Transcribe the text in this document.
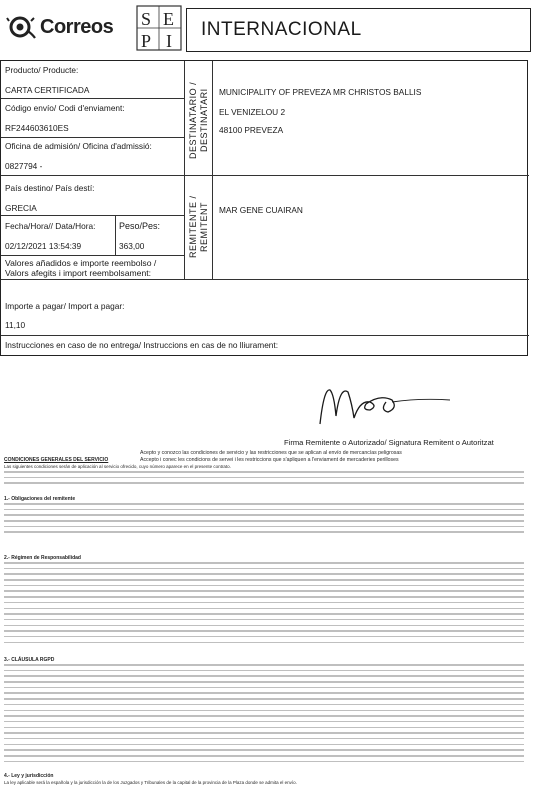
Correos S E
P I
INTERNACIONAL
Producto/ Producte:
CARTA CERTIFICADA
Código envío/ Codi d'enviament:
RF244603610ES
Oficina de admisión/ Oficina d'admissió:
0827794 -
DESTINATARIO / DESTINATARI MUNICIPALITY OF PREVEZA MR CHRISTOS BALLIS
EL VENIZELOU 2
48100 PREVEZA
País destino/ País destí:
GRECIA
Fecha/Hora// Data/Hora:
02/12/2021 13:54:39
Peso/Pes:
363,00
Valores añadidos e importe reembolso / Valors afegits i import reembolsament:
REMITENTE / REMITENT MAR GENE CUAIRAN
Importe a pagar/ Import a pagar:
11,10
Instrucciones en caso de no entrega/ Instruccions en cas de no lliurament:
Firma Remitente o Autorizado/ Signatura Remitent o Autoritzat
Acepto y conozco las condiciones de servicio y las restricciones que se aplican al envío de mercancías peligrosas
Accepto i conec les condicions de servei i les restriccions que s'apliquen a l'enviament de mercaderies perilloses
CONDICIONES GENERALES DEL SERVICIO
Las siguientes condiciones serán de aplicación al servicio ofrecido, cuyo número aparece en el presente contrato.
1.- Obligaciones del remitente
2.- Régimen de Responsabilidad
3.- CLÁUSULA RGPD
4.- Ley y jurisdicción
La ley aplicable será la española y la jurisdicción la de los Juzgados y Tribunales de la capital de la provincia de la Plaza donde se admita el envío.
